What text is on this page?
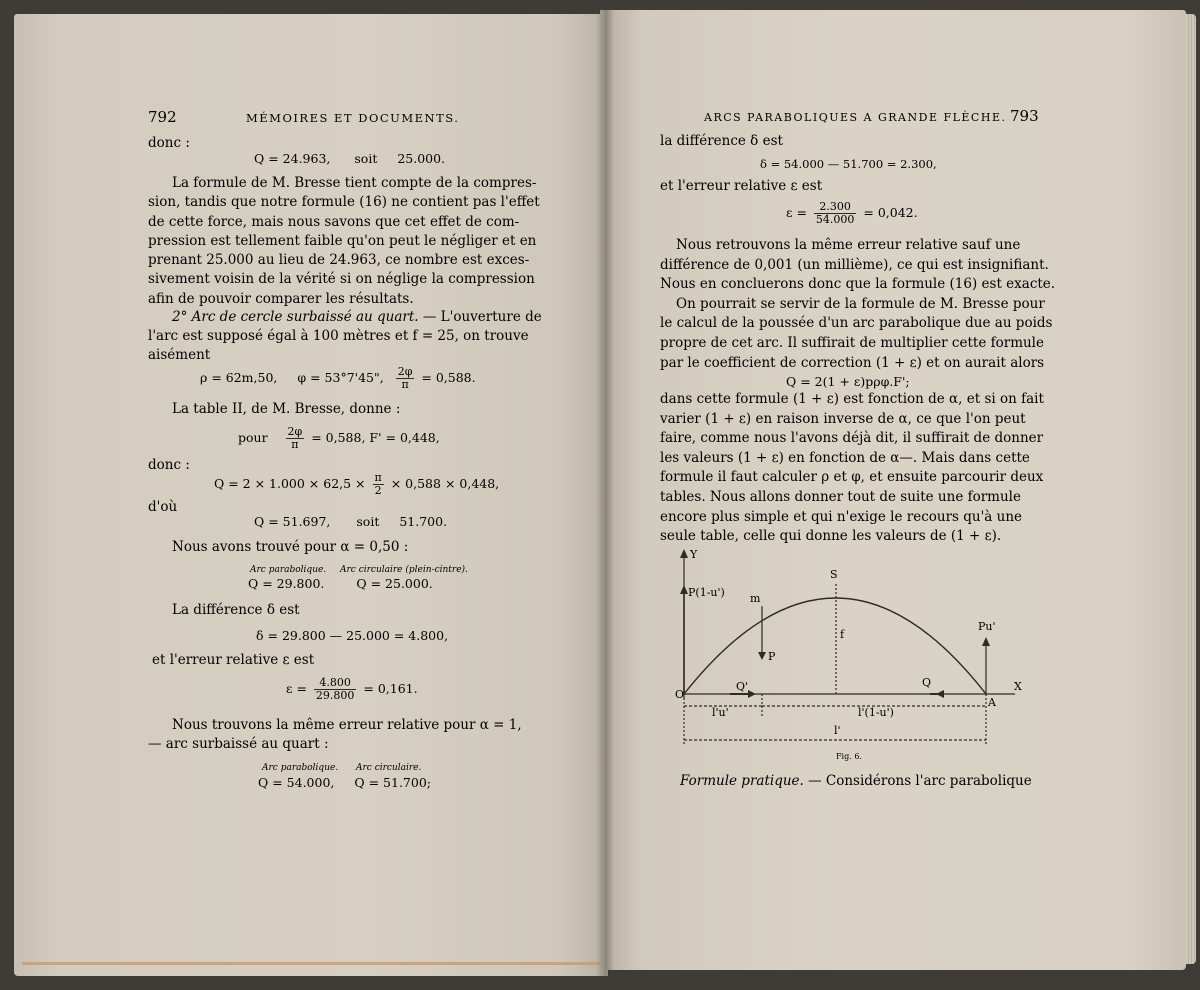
792	MÉMOIRES ET DOCUMENTS.
donc :
Q = 24.963, soit 25.000.
La formule de M. Bresse tient compte de la compres-
sion, tandis que notre formule (16) ne contient pas l'effet
de cette force, mais nous savons que cet effet de com-
pression est tellement faible qu'on peut le négliger et en
prenant 25.000 au lieu de 24.963, ce nombre est exces-
sivement voisin de la vérité si on néglige la compression
afin de pouvoir comparer les résultats.
2° Arc de cercle surbaissé au quart. — L'ouverture de
l'arc est supposé égal à 100 mètres et f = 25, on trouve
aisément
ρ = 62m,50, φ = 53°7'45", $\frac{2\varphi}{\pi} = 0,588$.
La table II, de M. Bresse, donne :
pour $\frac{2\varphi}{\pi} = 0,588$, F' = 0,448,
donc :
$Q = 2 \times 1.000 \times 62,5 \times \frac{\pi}{2} \times 0,588 \times 0,448$,
d'où
Q = 51.697, soit 51.700.
Nous avons trouvé pour α = 0,50 :
Arc parabolique. Arc circulaire (plein-cintre).
Q = 29.800.	Q = 25.000.
La différence δ est
δ = 29.800 — 25.000 = 4.800,
et l'erreur relative ε est
$\varepsilon = \frac{4.800}{29.800} = 0,161$.
Nous trouvons la même erreur relative pour α = 1,
— arc surbaissé au quart :
Arc parabolique. Arc circulaire.
Q = 54.000, Q = 51.700;
ARCS PARABOLIQUES A GRANDE FLÈCHE. 793
la différence δ est
δ = 54.000 — 51.700 = 2.300,
et l'erreur relative ε est
$\varepsilon = \frac{2.300}{54.000} = 0,042$.
Nous retrouvons la même erreur relative sauf une
différence de 0,001 (un millième), ce qui est insignifiant.
Nous en concluerons donc que la formule (16) est exacte.
On pourrait se servir de la formule de M. Bresse pour
le calcul de la poussée d'un arc parabolique due au poids
propre de cet arc. Il suffirait de multiplier cette formule
par le coefficient de correction (1 + ε) et on aurait alors
Q = 2(1 + ε)pρφ.F';
dans cette formule (1 + ε) est fonction de α, et si on fait
varier (1 + ε) en raison inverse de α, ce que l'on peut
faire, comme nous l'avons déjà dit, il suffirait de donner
les valeurs (1 + ε) en fonction de α—. Mais dans cette
formule il faut calculer ρ et φ, et ensuite parcourir deux
tables. Nous allons donner tout de suite une formule
encore plus simple et qui n'exige le recours qu'à une
seule table, celle qui donne les valeurs de (1 + ε).
Y
X
O
A
S
m
P
f
Q'	Q
P(1-u')
Pu'
l'u'	l'(1-u')
l'
Fig. 6.
Formule pratique. — Considérons l'arc parabolique
